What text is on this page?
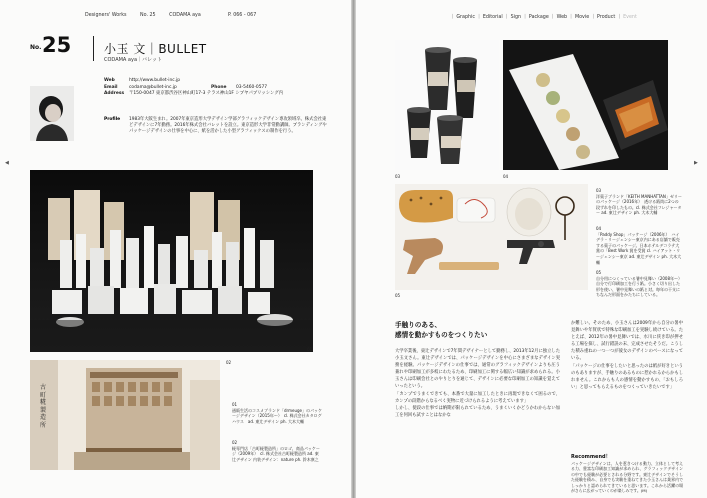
Designers' Works	No. 25	CODAMA aya	P. 066 - 067
No. 25	小玉 文｜BULLET
CODAMA aya｜バレット
Web	http://www.bullet-inc.jp
Email	codama@bullet-inc.jp	Phone	03-5460-0577
Address	〒150-0047 東京都渋谷区神山町17-3 テラス神山1F シブヤパブリッシング内
Profile	1983年大阪生まれ。2007年東京造形大学デザイン学部グラフィックデザイン専攻領域卒。株式会社東どデザインに7年勤務。2016年株式会社バレットを設立。東京造形大学非常勤講師。ブランディングやパッケージデザインの仕事を中心に、紙を活かした小型グラフィックスの制作を行う。
01
古町糀製造所
02
01
通販生活のコスメブランド「drmeuge」のパッケージデザイン（2015年～）　cl. 株式会社カタログハウス　ad. 東辻デザイン ph. 大木大輔
02
糀専門店「古町糀製造所」のロゴ、商品パッケージ（2009年）　cl. 株式会社古町糀製造所 ad. 東辻デザイン 内装デザイン：nature ph. 鈴木康之
◀
｜ Graphic ｜ Editorial ｜ Sign ｜ Package ｜ Web ｜ Movie ｜ Product ｜ Event
03	04
05
03
洋菓子ブランド「KEITH MANHATTAN」ゼリーのパッケージ（2016年）　透ける紙筒に2つの段ずれを印したもの。cl. 株式会社フレジャーター ad. 東辻デザイン ph. 大木大輔
04
「Paddy Shop」パッケージ（2006年）　ハイデラ・リージェンシー東京内にある店舗で販売する菓子のパッケージ。日本ホテルデコラテ大賞の「Best Work 賞を受賞 cl. ハイアット・リージェンシー東京 ad. 東辻デザイン ph. 大木大輔
05
自分用につくっている暑中見舞い（2008年～）自分で行印刷加工を行う紙。小さく切り出した形を使い、暑中見舞いの紙と対。毎年の干支にちなんだ形面をかたちにしている。
手触りのある、
感情を動かすものをつくりたい
大学卒業後、東辻デザインで7年間デザイナーとして勤務し、2013年12月に独立した小玉文さん。東辻デザインでは、パッケージデザインを中心にさまざまなデザイン実務を経験。パッケージデザインの仕事では、通常のグラフィックデザインよりも圧う兼れや印刷加工が多岐にわたるため、印刷加工に関する幅広い知識が求められる。小玉さんは印刷会社とのやりとりを通じて、デザインに必要な印刷加工の知識を覚えていったという。
「カンプでうまくできても、本番で大量に加工したときに再現できなくて困るので、カンプの段階からなるべく実物に近づけられるように考えています」
しかし、使段の仕事では納期が限られているため、うまくいくかどうかわからない加工を何回も試すことはなかな
か難しい。そのため、小玉さんは2009年から自分の暑中見舞いや年賀状で特殊な印刷加工を実験し続けている。たとえば、2012年の暑中見舞いでは、水川に侠き印が押せる工場を探し、試行錯誤の末、完成させたそうだ。こうした積み重ねの一つ一つが彼女のデザインのベースになっている。
「パッケージの仕事をしたいと思ったのは紙が好きというのもありますが、手触りのあるものに惹かれるからかもしれません。これからも人の感情を動かすもの、「おもしろい」と思ってもらえるものをつくっていきたいです」
Recommend！
パッケージデザインは、人を惹きつける動力、立体として考える力、豊富な印刷加工知識が求められ、グラフィックデザインの中でも経験が必要とされる分野です。東辻デザインでそうした経験を積み、自身でも実験を重ねてきた小玉さんは業界内でしっかりと認められてきていると思います。これから活躍の場がさらに広がっていくのが楽しみです。(M)
▶
